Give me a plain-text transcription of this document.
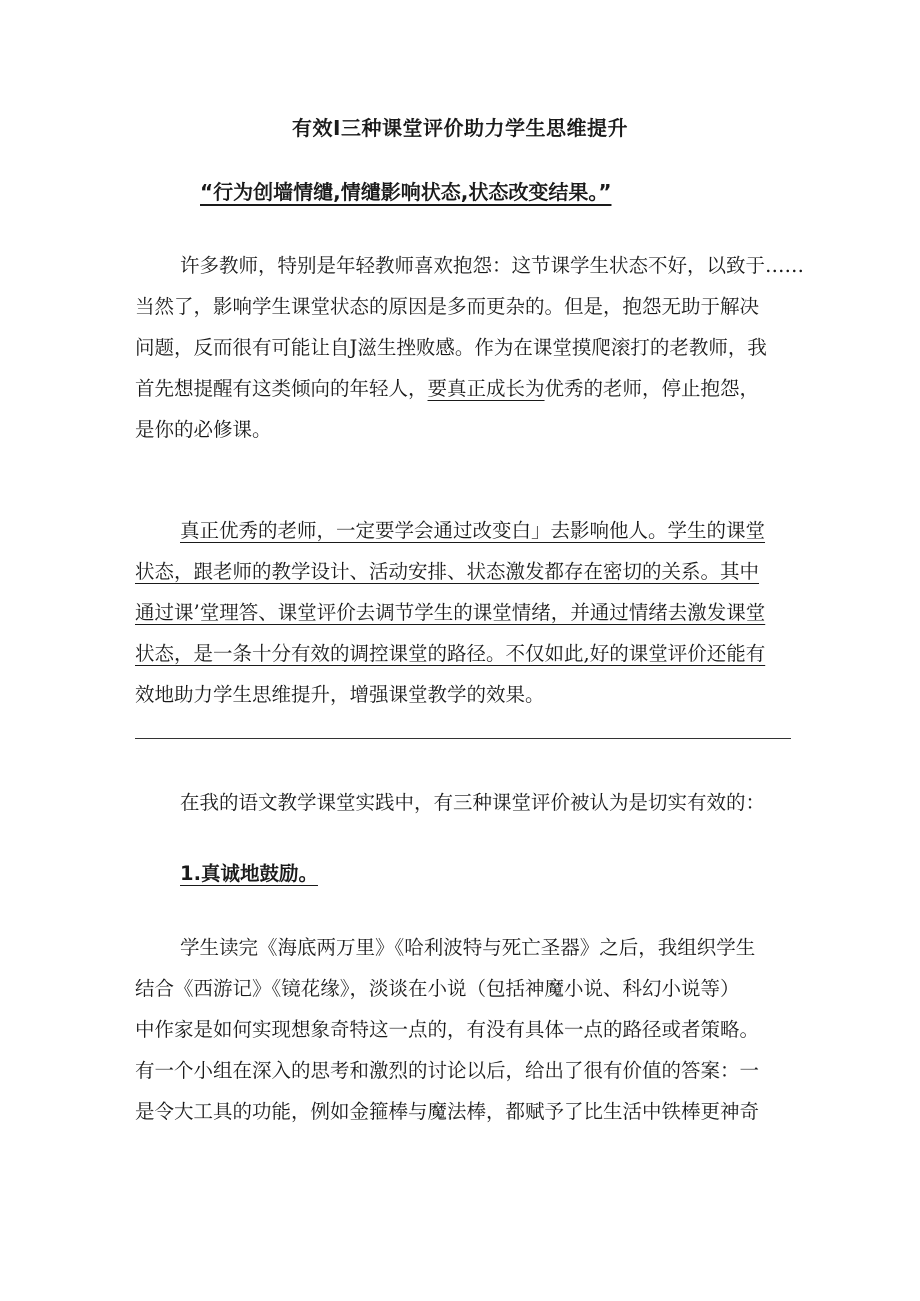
有效I三种课堂评价助力学生思维提升
“行为创墙情缱,情缱影响状态,状态改变结果。”
许多教师，特别是年轻教师喜欢抱怨：这节课学生状态不好，以致于……
当然了，影响学生课堂状态的原因是多而更杂的。但是，抱怨无助于解决
问题，反而很有可能让自J滋生挫败感。作为在课堂摸爬滚打的老教师，我
首先想提醒有这类倾向的年轻人，要真正成长为优秀的老师，停止抱怨，
是你的必修课。
真正优秀的老师，一定要学会通过改变白」去影响他人。学生的课堂
状态，跟老师的教学设计、活动安排、状态激发都存在密切的关系。其中
通过课’堂理答、课堂评价去调节学生的课堂情绪，并通过情绪去激发课堂
状态，是一条十分有效的调控课堂的路径。不仅如此,好的课堂评价还能有
效地助力学生思维提升，增强课堂教学的效果。
在我的语文教学课堂实践中，有三种课堂评价被认为是切实有效的：
1.真诚地鼓励。
学生读完《海底两万里》《哈利波特与死亡圣器》之后，我组织学生
结合《西游记》《镜花缘》，淡谈在小说（包括神魔小说、科幻小说等）
中作家是如何实现想象奇特这一点的，有没有具体一点的路径或者策略。
有一个小组在深入的思考和激烈的讨论以后，给出了很有价值的答案：一
是令大工具的功能，例如金箍棒与魔法棒，都赋予了比生活中铁棒更神奇
